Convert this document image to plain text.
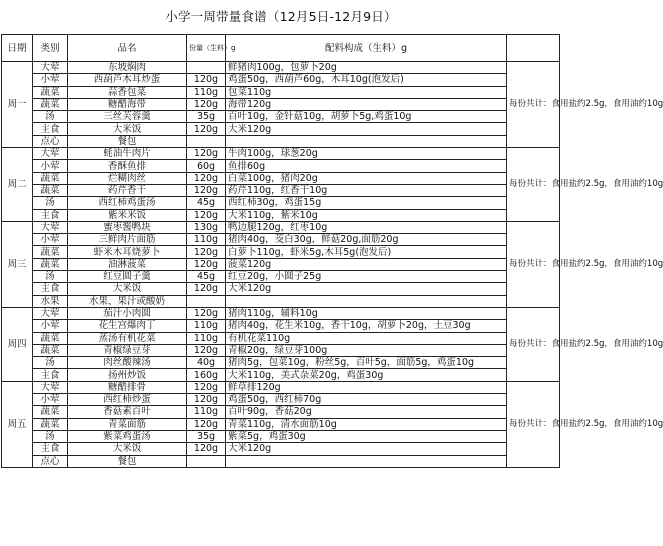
小学一周带量食谱（12月5日-12月9日）
日期	类别	品名	份量（生料）g	配料构成（生料）g	
周一	大荤	东坡焖肉		鲜猪肉100g，包萝卜20g	每份共计：食用盐约2.5g，食用油约10g
	小荤	西葫芦木耳炒蛋	120g	鸡蛋50g，西葫芦60g，木耳10g(泡发后)	
	蔬菜	蒜香包菜	110g	包菜110g	
	蔬菜	糖醋海带	120g	海带120g	
	汤	三丝芙蓉羹	35g	百叶10g，金针菇10g，胡萝卜5g,鸡蛋10g	
	主食	大米饭	120g	大米120g	
	点心	餐包			
周二	大荤	蚝油牛肉片	120g	牛肉100g，球葱20g	每份共计：食用盐约2.5g，食用油约10g
	小荤	香酥鱼排	60g	鱼排60g	
	蔬菜	烂糊肉丝	120g	白菜100g，猪肉20g	
	蔬菜	药芹香干	120g	药芹110g，红香干10g	
	汤	西红柿鸡蛋汤	45g	西红柿30g，鸡蛋15g	
	主食	紫米米饭	120g	大米110g，紫米10g	
周三	大荤	蜜枣酱鸭块	130g	鸭边腿120g，红枣10g	每份共计：食用盐约2.5g，食用油约10g
	小荤	三鲜肉片面筋	110g	猪肉40g，茭白30g，鲜菇20g,面筋20g	
	蔬菜	虾米木耳烧萝卜	120g	白萝卜110g，虾米5g,木耳5g(泡发后)	
	蔬菜	油淋菠菜	120g	菠菜120g	
	汤	红豆圆子羹	45g	红豆20g，小圆子25g	
	主食	大米饭	120g	大米120g	
	水果	水果、果汁或酸奶			
周四	大荤	茄汁小肉圆	120g	猪肉110g，辅料10g	每份共计：食用盐约2.5g，食用油约10g
	小荤	花生宫爆肉丁	110g	猪肉40g，花生米10g，香干10g，胡萝卜20g，土豆30g	
	蔬菜	蒸汤有机花菜	110g	有机花菜110g	
	蔬菜	青椒绿豆芽	120g	青椒20g，绿豆芽100g	
	汤	肉丝酸辣汤	40g	猪肉5g，包菜10g，粉丝5g，百叶5g，面筋5g，鸡蛋10g	
	主食	扬州炒饭	160g	大米110g，美式杂菜20g，鸡蛋30g	
周五	大荤	糖醋排骨	120g	鲜草排120g	每份共计：食用盐约2.5g，食用油约10g
	小荤	西红柿炒蛋	120g	鸡蛋50g，西红柿70g	
	蔬菜	香菇素百叶	110g	百叶90g，香菇20g	
	蔬菜	青菜面筋	120g	青菜110g，清水面筋10g	
	汤	紫菜鸡蛋汤	35g	紫菜5g，鸡蛋30g	
	主食	大米饭	120g	大米120g	
	点心	餐包			
